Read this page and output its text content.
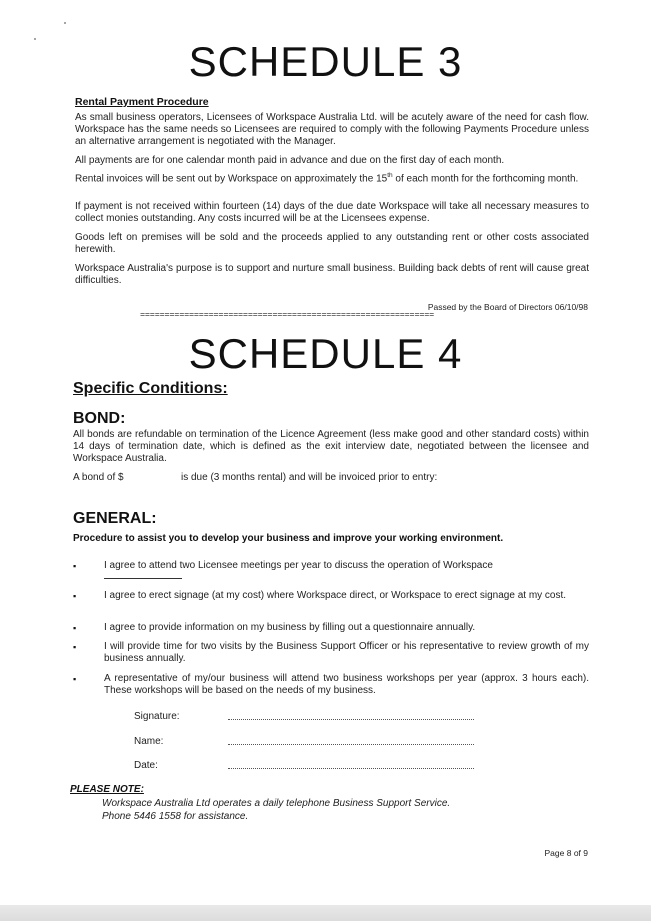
SCHEDULE 3
Rental Payment Procedure
As small business operators, Licensees of Workspace Australia Ltd. will be acutely aware of the need for cash flow. Workspace has the same needs so Licensees are required to comply with the following Payments Procedure unless an alternative arrangement is negotiated with the Manager.
All payments are for one calendar month paid in advance and due on the first day of each month.
Rental invoices will be sent out by Workspace on approximately the 15th of each month for the forthcoming month.
If payment is not received within fourteen (14) days of the due date Workspace will take all necessary measures to collect monies outstanding. Any costs incurred will be at the Licensees expense.
Goods left on premises will be sold and the proceeds applied to any outstanding rent or other costs associated herewith.
Workspace Australia's purpose is to support and nurture small business. Building back debts of rent will cause great difficulties.
Passed by the Board of Directors 06/10/98
============================================================
SCHEDULE 4
Specific Conditions:
BOND:
All bonds are refundable on termination of the Licence Agreement (less make good and other standard costs) within 14 days of termination date, which is defined as the exit interview date, negotiated between the licensee and Workspace Australia.
A bond of $	is due (3 months rental) and will be invoiced prior to entry:
GENERAL:
Procedure to assist you to develop your business and improve your working environment.
▪	I agree to attend two Licensee meetings per year to discuss the operation of Workspace
▪	I agree to erect signage (at my cost) where Workspace direct, or Workspace to erect signage at my cost.
▪	I agree to provide information on my business by filling out a questionnaire annually.
▪	I will provide time for two visits by the Business Support Officer or his representative to review growth of my business annually.
▪	A representative of my/our business will attend two business workshops per year (approx. 3 hours each). These workshops will be based on the needs of my business.
Signature:
Name:
Date:
PLEASE NOTE:
Workspace Australia Ltd operates a daily telephone Business Support Service.
Phone 5446 1558 for assistance.
Page 8 of 9
